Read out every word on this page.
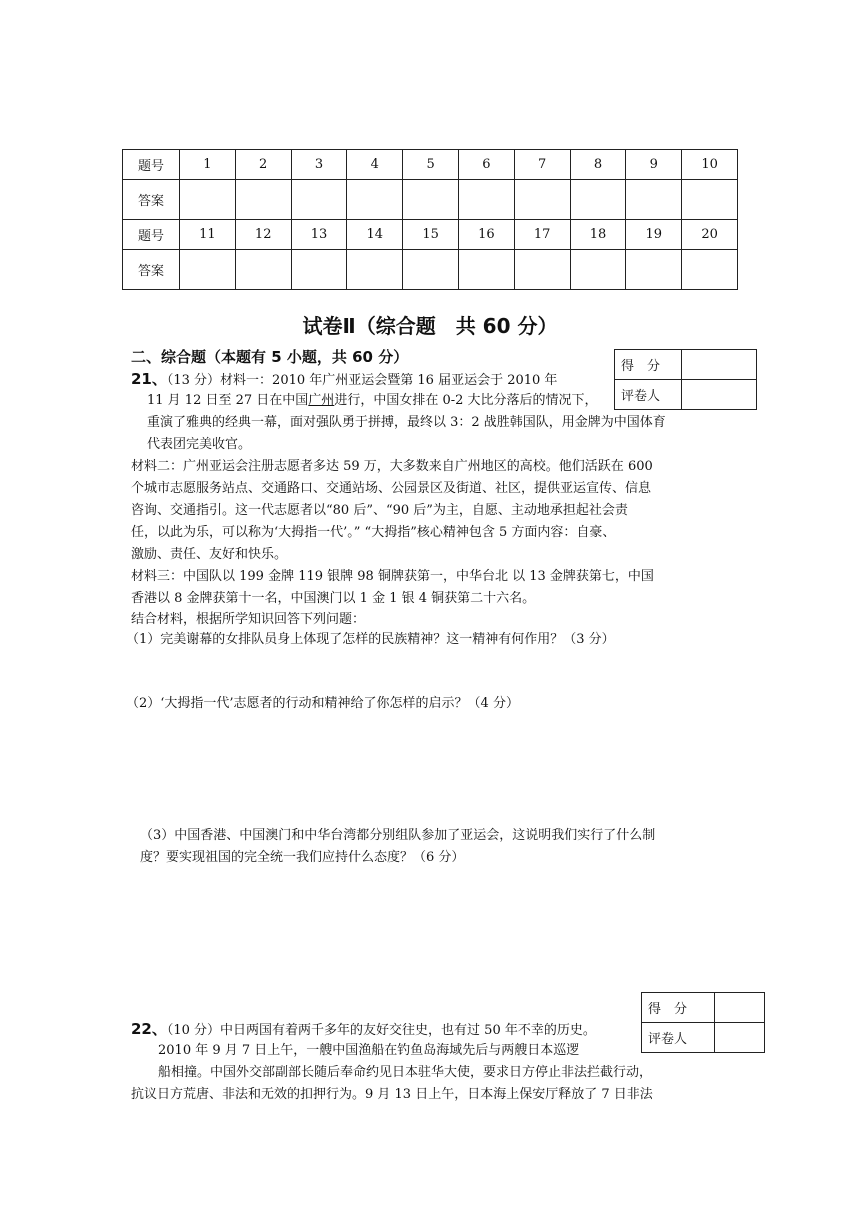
题号	1	2	3	4	5	6	7	8	9	10
答案										
题号	11	12	13	14	15	16	17	18	19	20
答案										
试卷Ⅱ（综合题　共 60 分）
二、综合题（本题有 5 小题，共 60 分）
得　分	
评卷人	
21、（13 分）材料一：2010 年广州亚运会暨第 16 届亚运会于 2010 年
11 月 12 日至 27 日在中国广州进行，中国女排在 0-2 大比分落后的情况下，
重演了雅典的经典一幕，面对强队勇于拼搏，最终以 3：2 战胜韩国队，用金牌为中国体育
代表团完美收官。
材料二：广州亚运会注册志愿者多达 59 万，大多数来自广州地区的高校。他们活跃在 600
个城市志愿服务站点、交通路口、交通站场、公园景区及街道、社区，提供亚运宣传、信息
咨询、交通指引。这一代志愿者以“80 后”、“90 后”为主，自愿、主动地承担起社会责
任，以此为乐，可以称为‘大拇指一代’。” “大拇指”核心精神包含 5 方面内容：自豪、
激励、责任、友好和快乐。
材料三：中国队以 199 金牌 119 银牌 98 铜牌获第一，中华台北 以 13 金牌获第七，中国
香港以 8 金牌获第十一名，中国澳门以 1 金 1 银 4 铜获第二十六名。
结合材料，根据所学知识回答下列问题：
（1）完美谢幕的女排队员身上体现了怎样的民族精神？这一精神有何作用？（3 分）
（2）‘大拇指一代’志愿者的行动和精神给了你怎样的启示？（4 分）
（3）中国香港、中国澳门和中华台湾都分别组队参加了亚运会，这说明我们实行了什么制
度？要实现祖国的完全统一我们应持什么态度？（6 分）
得　分	
评卷人	
22、（10 分）中日两国有着两千多年的友好交往史，也有过 50 年不幸的历史。
2010 年 9 月 7 日上午，一艘中国渔船在钓鱼岛海域先后与两艘日本巡逻
船相撞。中国外交部副部长随后奉命约见日本驻华大使，要求日方停止非法拦截行动，
抗议日方荒唐、非法和无效的扣押行为。9 月 13 日上午，日本海上保安厅释放了 7 日非法
